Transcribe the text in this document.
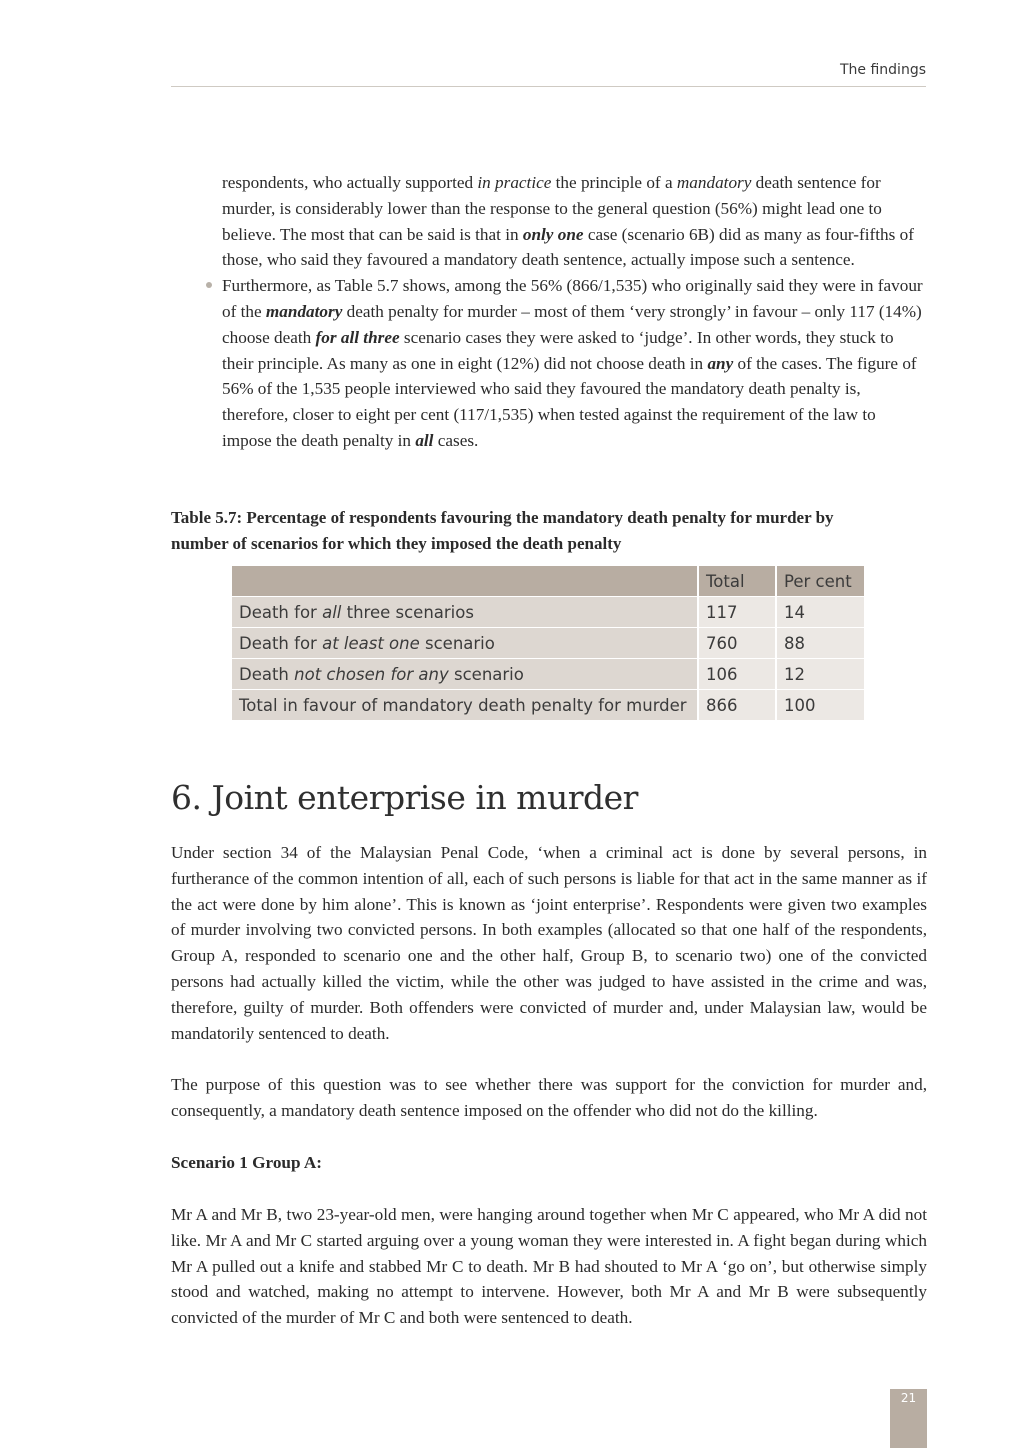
The findings

respondents, who actually supported in practice the principle of a mandatory death sentence for murder, is considerably lower than the response to the general question (56%) might lead one to believe. The most that can be said is that in only one case (scenario 6B) did as many as four-fifths of those, who said they favoured a mandatory death sentence, actually impose such a sentence.

Furthermore, as Table 5.7 shows, among the 56% (866/1,535) who originally said they were in favour of the mandatory death penalty for murder – most of them ‘very strongly’ in favour – only 117 (14%) choose death for all three scenario cases they were asked to ‘judge’. In other words, they stuck to their principle. As many as one in eight (12%) did not choose death in any of the cases. The figure of 56% of the 1,535 people interviewed who said they favoured the mandatory death penalty is, therefore, closer to eight per cent (117/1,535) when tested against the requirement of the law to impose the death penalty in all cases.

Table 5.7: Percentage of respondents favouring the mandatory death penalty for murder by number of scenarios for which they imposed the death penalty
	Total	Per cent
Death for all three scenarios	117	14
Death for at least one scenario	760	88
Death not chosen for any scenario	106	12
Total in favour of mandatory death penalty for murder	866	100
6. Joint enterprise in murder

Under section 34 of the Malaysian Penal Code, ‘when a criminal act is done by several persons, in furtherance of the common intention of all, each of such persons is liable for that act in the same manner as if the act were done by him alone’. This is known as ‘joint enterprise’. Respondents were given two examples of murder involving two convicted persons. In both examples (allocated so that one half of the respondents, Group A, responded to scenario one and the other half, Group B, to scenario two) one of the convicted persons had actually killed the victim, while the other was judged to have assisted in the crime and was, therefore, guilty of murder. Both offenders were convicted of murder and, under Malaysian law, would be mandatorily sentenced to death.

The purpose of this question was to see whether there was support for the conviction for murder and, consequently, a mandatory death sentence imposed on the offender who did not do the killing.

Scenario 1 Group A:

Mr A and Mr B, two 23-year-old men, were hanging around together when Mr C appeared, who Mr A did not like. Mr A and Mr C started arguing over a young woman they were interested in. A fight began during which Mr A pulled out a knife and stabbed Mr C to death. Mr B had shouted to Mr A ‘go on’, but otherwise simply stood and watched, making no attempt to intervene. However, both Mr A and Mr B were subsequently convicted of the murder of Mr C and both were sentenced to death.

21
